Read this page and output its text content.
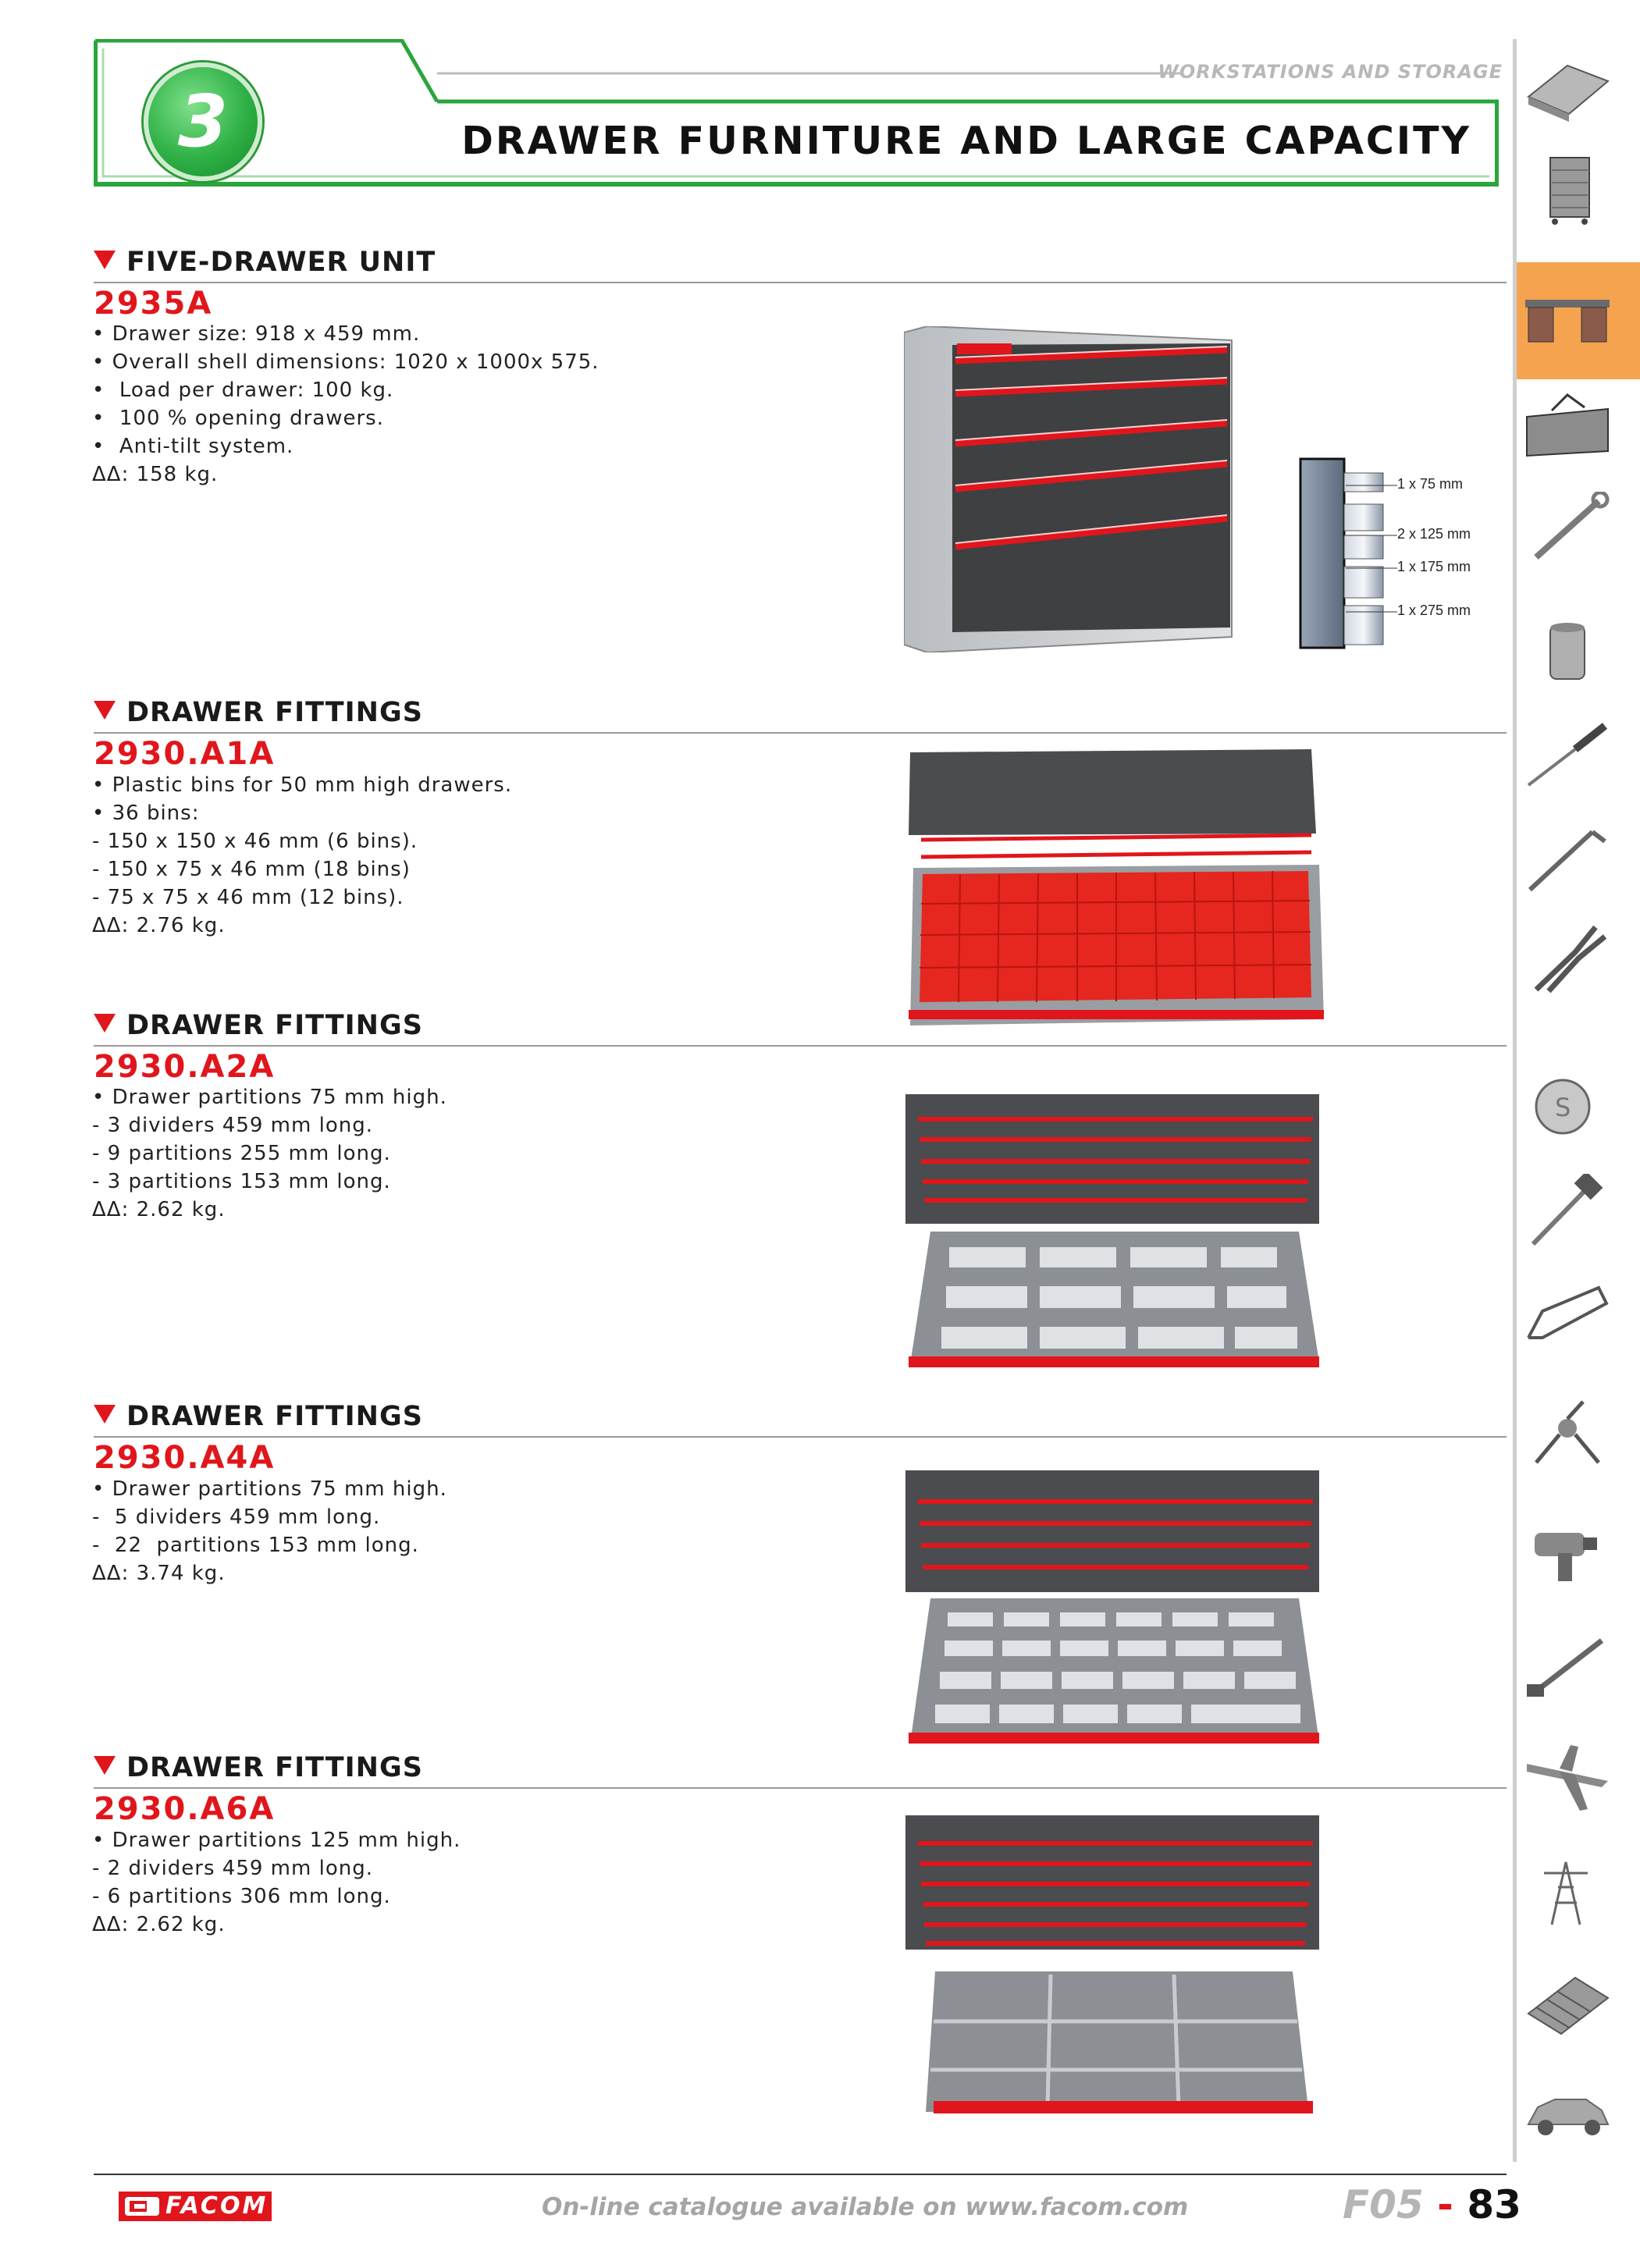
3
WORKSTATIONS AND STORAGE
DRAWER FURNITURE AND LARGE CAPACITY
FIVE-DRAWER UNIT
2935A
• Drawer size: 918 x 459 mm.
• Overall shell dimensions: 1020 x 1000x 575.
•  Load per drawer: 100 kg.
•  100 % opening drawers.
•  Anti-tilt system.
ΔΔ: 158 kg.	1 x 75 mm
2 x 125 mm
1 x 175 mm
1 x 275 mm
DRAWER FITTINGS
2930.A1A
• Plastic bins for 50 mm high drawers.
• 36 bins:
- 150 x 150 x 46 mm (6 bins).
- 150 x 75 x 46 mm (18 bins)
- 75 x 75 x 46 mm (12 bins).
ΔΔ: 2.76 kg.
DRAWER FITTINGS
2930.A2A
• Drawer partitions 75 mm high.
- 3 dividers 459 mm long.
- 9 partitions 255 mm long.
- 3 partitions 153 mm long.
ΔΔ: 2.62 kg.
DRAWER FITTINGS
2930.A4A
• Drawer partitions 75 mm high.
-  5 dividers 459 mm long.
-  22  partitions 153 mm long.
ΔΔ: 3.74 kg.
DRAWER FITTINGS
2930.A6A
• Drawer partitions 125 mm high.
- 2 dividers 459 mm long.
- 6 partitions 306 mm long.
ΔΔ: 2.62 kg.
S
FACOM	On-line catalogue available on www.facom.com	F05 - 83
